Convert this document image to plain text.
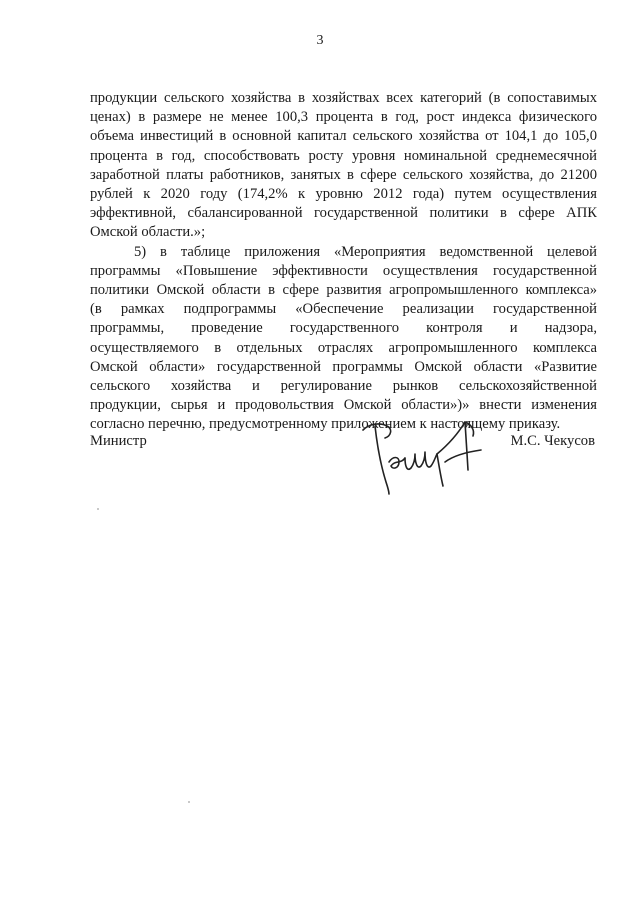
3
продукции сельского хозяйства в хозяйствах всех категорий (в сопоставимых
ценах) в размере не менее 100,3 процента в год, рост индекса физического
объема инвестиций в основной капитал сельского хозяйства от 104,1 до 105,0
процента в год, способствовать росту уровня номинальной среднемесячной
заработной платы работников, занятых в сфере сельского хозяйства, до 21200
рублей к 2020 году (174,2% к уровню 2012 года) путем осуществления
эффективной, сбалансированной государственной политики в сфере АПК
Омской области.»;
5) в таблице приложения «Мероприятия ведомственной целевой
программы «Повышение эффективности осуществления государственной
политики Омской области в сфере развития агропромышленного комплекса»
(в рамках подпрограммы «Обеспечение реализации государственной
программы, проведение государственного контроля и надзора,
осуществляемого в отдельных отраслях агропромышленного комплекса
Омской области» государственной программы Омской области «Развитие
сельского хозяйства и регулирование рынков сельскохозяйственной
продукции, сырья и продовольствия Омской области»)» внести изменения
согласно перечню, предусмотренному приложением к настоящему приказу.
Министр	М.С. Чекусов
